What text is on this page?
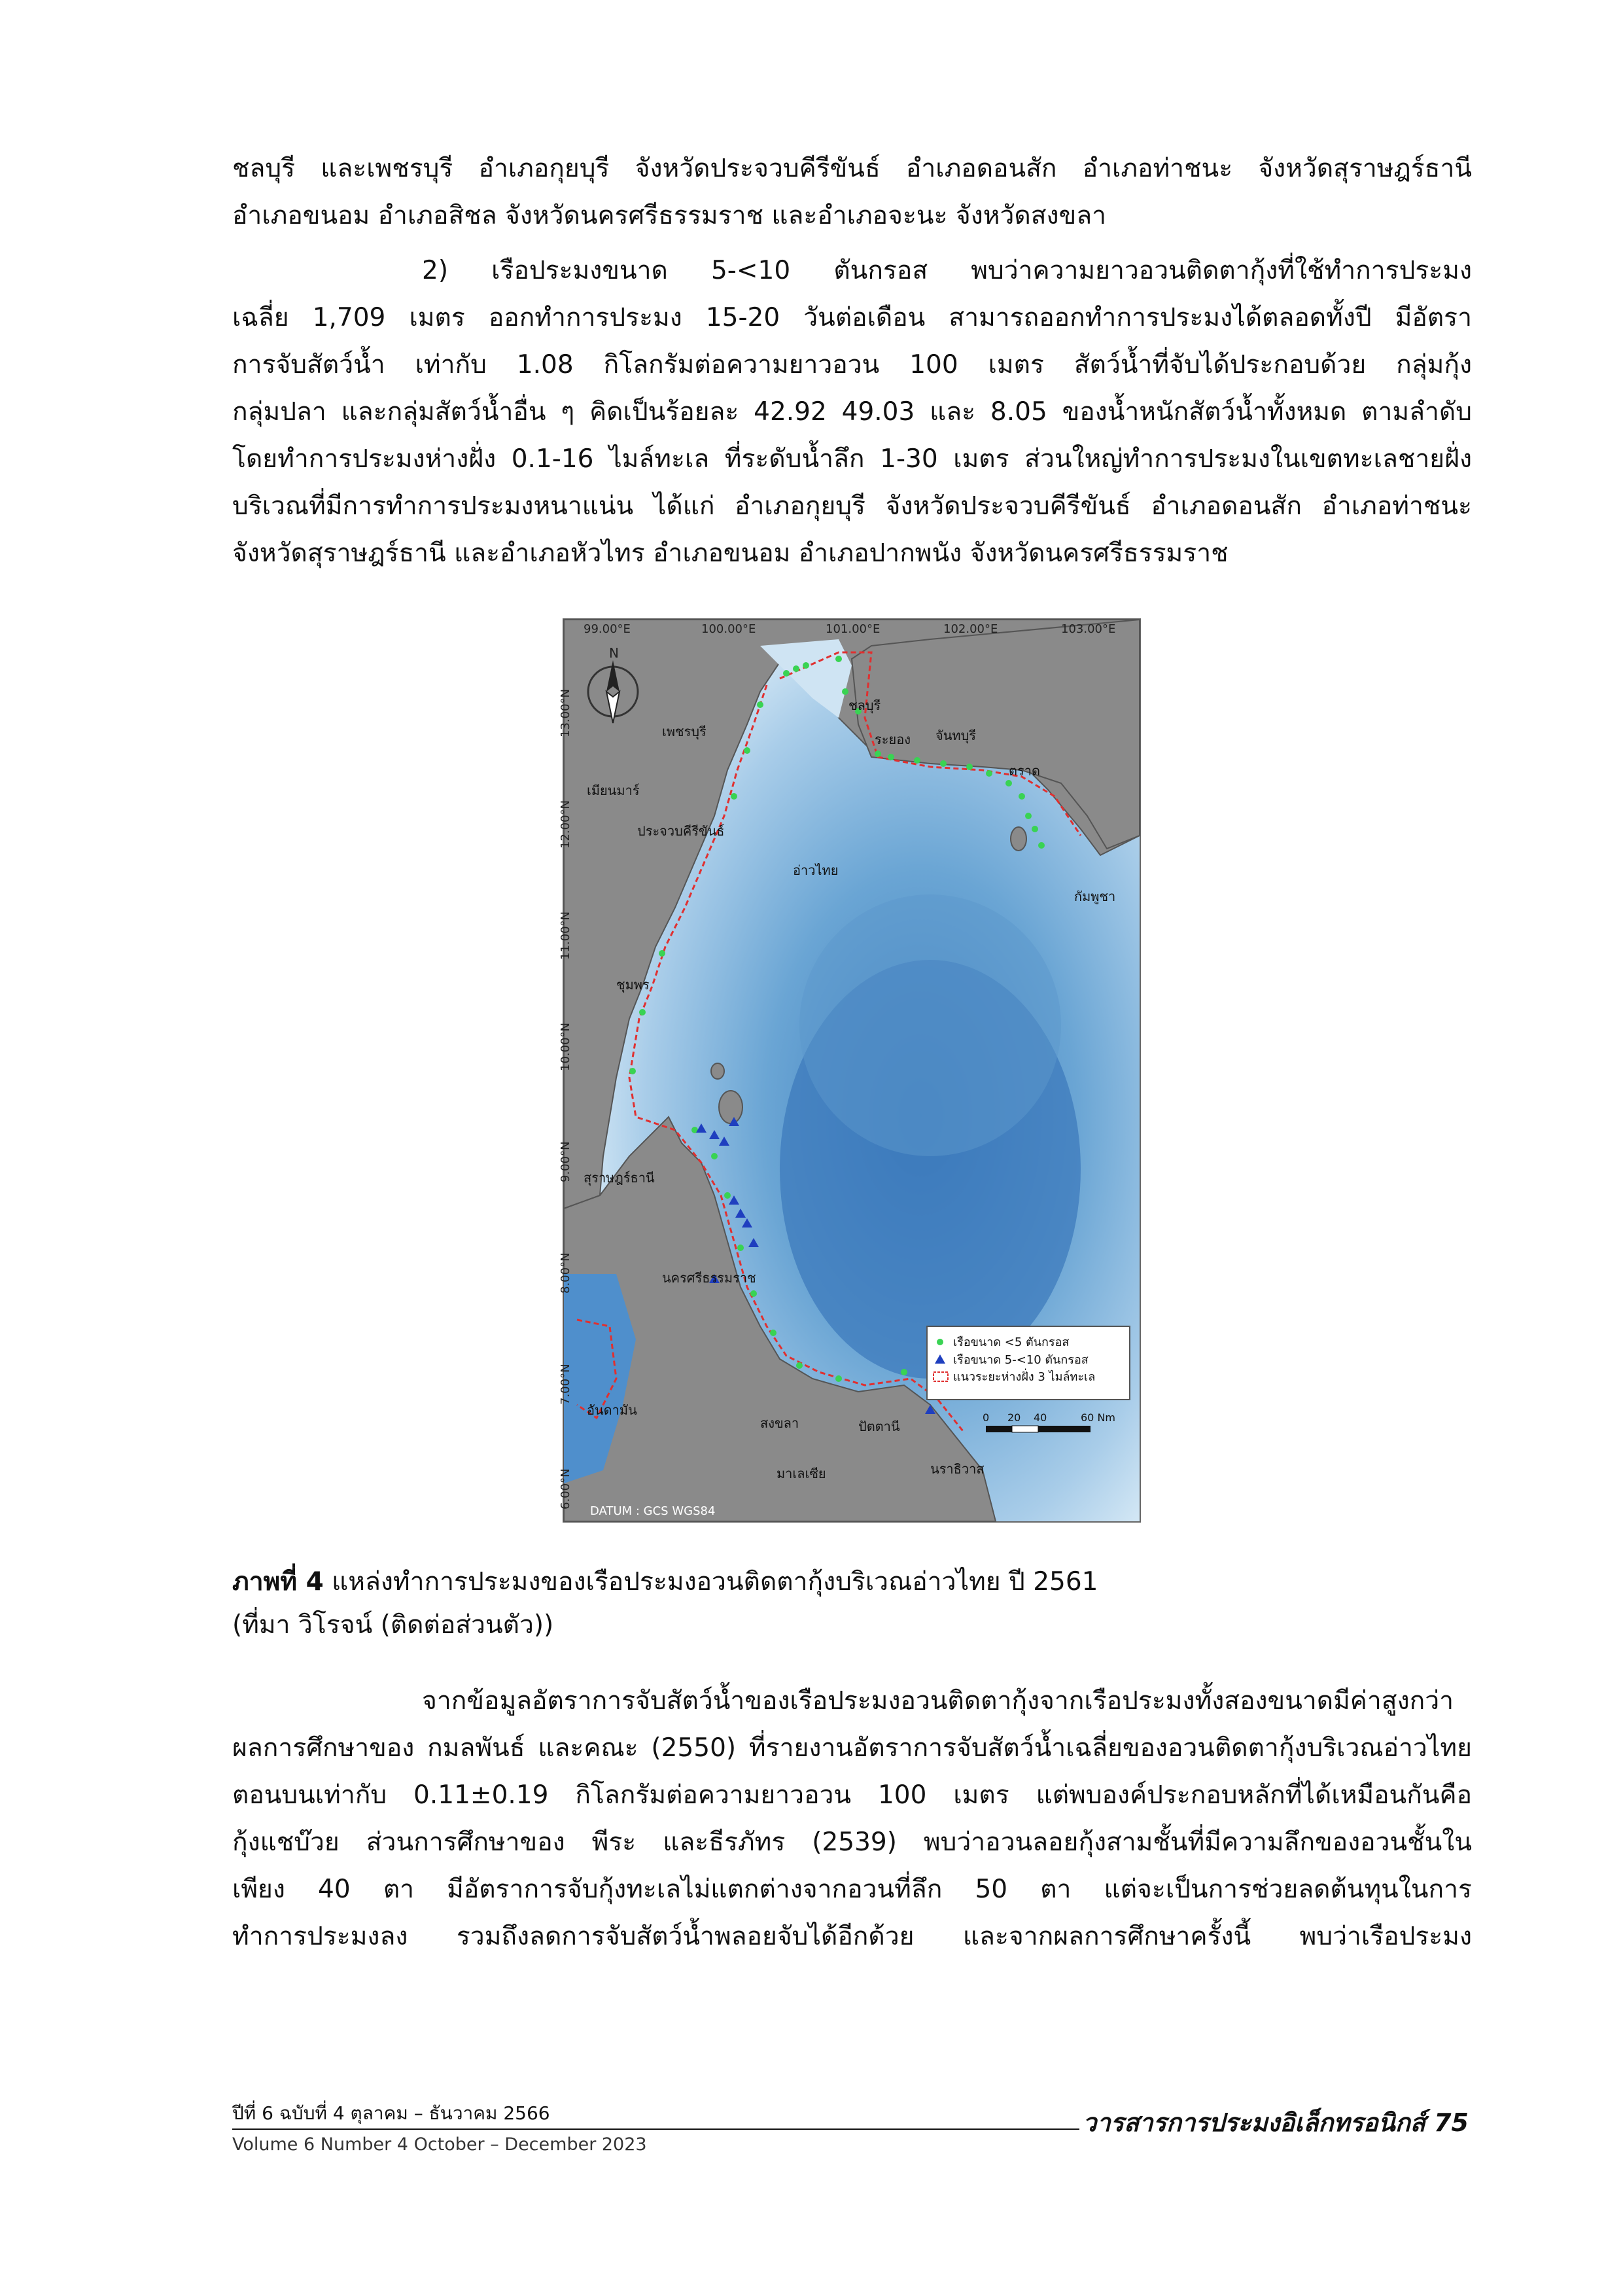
ชลบุรี และเพชรบุรี อำเภอกุยบุรี จังหวัดประจวบคีรีขันธ์ อำเภอดอนสัก อำเภอท่าชนะ จังหวัดสุราษฎร์ธานี
อำเภอขนอม อำเภอสิชล จังหวัดนครศรีธรรมราช และอำเภอจะนะ จังหวัดสงขลา
2) เรือประมงขนาด 5-<10 ตันกรอส พบว่าความยาวอวนติดตากุ้งที่ใช้ทำการประมง
เฉลี่ย 1,709 เมตร ออกทำการประมง 15-20 วันต่อเดือน สามารถออกทำการประมงได้ตลอดทั้งปี มีอัตรา
การจับสัตว์น้ำ เท่ากับ 1.08 กิโลกรัมต่อความยาวอวน 100 เมตร สัตว์น้ำที่จับได้ประกอบด้วย กลุ่มกุ้ง
กลุ่มปลา และกลุ่มสัตว์น้ำอื่น ๆ คิดเป็นร้อยละ 42.92 49.03 และ 8.05 ของน้ำหนักสัตว์น้ำทั้งหมด ตามลำดับ
โดยทำการประมงห่างฝั่ง 0.1-16 ไมล์ทะเล ที่ระดับน้ำลึก 1-30 เมตร ส่วนใหญ่ทำการประมงในเขตทะเลชายฝั่ง
บริเวณที่มีการทำการประมงหนาแน่น ได้แก่ อำเภอกุยบุรี จังหวัดประจวบคีรีขันธ์ อำเภอดอนสัก อำเภอท่าชนะ
จังหวัดสุราษฎร์ธานี และอำเภอหัวไทร อำเภอขนอม อำเภอปากพนัง จังหวัดนครศรีธรรมราช
99.00°E	100.00°E	101.00°E	102.00°E	103.00°E
13.00°N
12.00°N
11.00°N
10.00°N
9.00°N
8.00°N
7.00°N
6.00°N
N
ชลบุรี
ระยอง จันทบุรี
ตราด
เพชรบุรี
เมียนมาร์
ประจวบคีรีขันธ์
อ่าวไทย
กัมพูชา
ชุมพร
สุราษฎร์ธานี
นครศรีธรรมราช
อันดามัน
สงขลา	ปัตตานี
นราธิวาส
มาเลเซีย
เรือขนาด <5 ตันกรอส
เรือขนาด 5-<10 ตันกรอส
แนวระยะห่างฝั่ง 3 ไมล์ทะเล
0 20 40	60 Nm
DATUM : GCS WGS84
ภาพที่ 4 แหล่งทำการประมงของเรือประมงอวนติดตากุ้งบริเวณอ่าวไทย ปี 2561
(ที่มา วิโรจน์ (ติดต่อส่วนตัว))
จากข้อมูลอัตราการจับสัตว์น้ำของเรือประมงอวนติดตากุ้งจากเรือประมงทั้งสองขนาดมีค่าสูงกว่า
ผลการศึกษาของ กมลพันธ์ และคณะ (2550) ที่รายงานอัตราการจับสัตว์น้ำเฉลี่ยของอวนติดตากุ้งบริเวณอ่าวไทย
ตอนบนเท่ากับ 0.11±0.19 กิโลกรัมต่อความยาวอวน 100 เมตร แต่พบองค์ประกอบหลักที่ได้เหมือนกันคือ
กุ้งแชบ๊วย ส่วนการศึกษาของ พีระ และธีรภัทร (2539) พบว่าอวนลอยกุ้งสามชั้นที่มีความลึกของอวนชั้นใน
เพียง 40 ตา มีอัตราการจับกุ้งทะเลไม่แตกต่างจากอวนที่ลึก 50 ตา แต่จะเป็นการช่วยลดต้นทุนในการ
ทำการประมงลง รวมถึงลดการจับสัตว์น้ำพลอยจับได้อีกด้วย และจากผลการศึกษาครั้งนี้ พบว่าเรือประมง
ปีที่ 6 ฉบับที่ 4 ตุลาคม – ธันวาคม 2566
Volume 6 Number 4 October – December 2023
วารสารการประมงอิเล็กทรอนิกส์ 75
